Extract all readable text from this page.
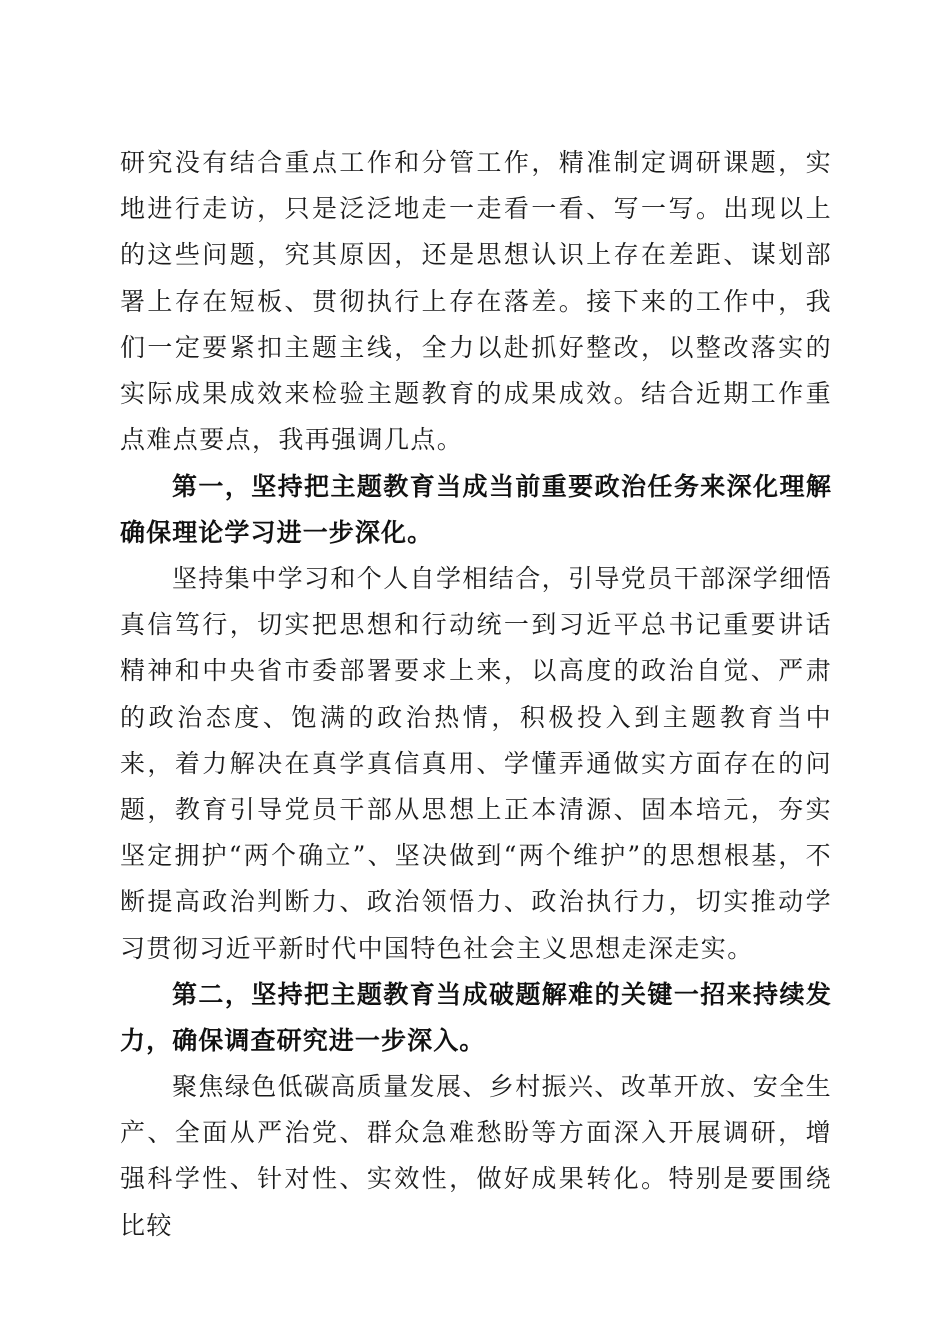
研究没有结合重点工作和分管工作，精准制定调研课题，实地进行走访，只是泛泛地走一走看一看、写一写。出现以上的这些问题，究其原因，还是思想认识上存在差距、谋划部署上存在短板、贯彻执行上存在落差。接下来的工作中，我们一定要紧扣主题主线，全力以赴抓好整改，以整改落实的实际成果成效来检验主题教育的成果成效。结合近期工作重点难点要点，我再强调几点。

第一，坚持把主题教育当成当前重要政治任务来深化理解确保理论学习进一步深化。

坚持集中学习和个人自学相结合，引导党员干部深学细悟真信笃行，切实把思想和行动统一到习近平总书记重要讲话精神和中央省市委部署要求上来，以高度的政治自觉、严肃的政治态度、饱满的政治热情，积极投入到主题教育当中来，着力解决在真学真信真用、学懂弄通做实方面存在的问题，教育引导党员干部从思想上正本清源、固本培元，夯实坚定拥护“两个确立”、坚决做到“两个维护”的思想根基，不断提高政治判断力、政治领悟力、政治执行力，切实推动学习贯彻习近平新时代中国特色社会主义思想走深走实。

第二，坚持把主题教育当成破题解难的关键一招来持续发力，确保调查研究进一步深入。

聚焦绿色低碳高质量发展、乡村振兴、改革开放、安全生产、全面从严治党、群众急难愁盼等方面深入开展调研，增强科学性、针对性、实效性，做好成果转化。特别是要围绕比较
